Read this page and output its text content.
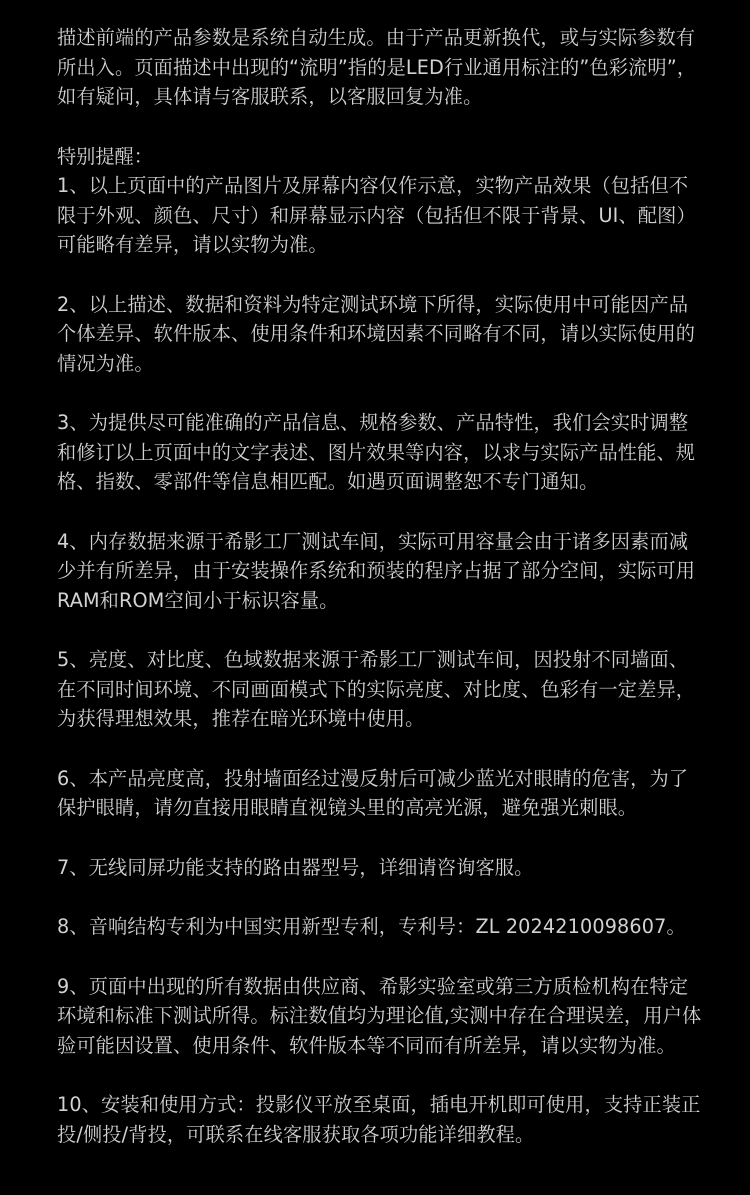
描述前端的产品参数是系统自动生成。由于产品更新换代，或与实际参数有所出入。页面描述中出现的“流明”指的是LED行业通用标注的”色彩流明”，如有疑问，具体请与客服联系，以客服回复为准。

特别提醒：

1、以上页面中的产品图片及屏幕内容仅作示意，实物产品效果（包括但不限于外观、颜色、尺寸）和屏幕显示内容（包括但不限于背景、UI、配图）可能略有差异，请以实物为准。

2、以上描述、数据和资料为特定测试环境下所得，实际使用中可能因产品个体差异、软件版本、使用条件和环境因素不同略有不同，请以实际使用的情况为准。

3、为提供尽可能准确的产品信息、规格参数、产品特性，我们会实时调整和修订以上页面中的文字表述、图片效果等内容，以求与实际产品性能、规格、指数、零部件等信息相匹配。如遇页面调整恕不专门通知。

4、内存数据来源于希影工厂测试车间，实际可用容量会由于诸多因素而减少并有所差异，由于安装操作系统和预装的程序占据了部分空间，实际可用RAM和ROM空间小于标识容量。

5、亮度、对比度、色域数据来源于希影工厂测试车间，因投射不同墙面、在不同时间环境、不同画面模式下的实际亮度、对比度、色彩有一定差异，为获得理想效果，推荐在暗光环境中使用。

6、本产品亮度高，投射墙面经过漫反射后可减少蓝光对眼睛的危害，为了保护眼睛，请勿直接用眼睛直视镜头里的高亮光源，避免强光刺眼。

7、无线同屏功能支持的路由器型号，详细请咨询客服。

8、音响结构专利为中国实用新型专利，专利号：ZL 2024210098607。

9、页面中出现的所有数据由供应商、希影实验室或第三方质检机构在特定环境和标准下测试所得。标注数值均为理论值,实测中存在合理误差，用户体验可能因设置、使用条件、软件版本等不同而有所差异，请以实物为准。

10、安装和使用方式：投影仪平放至桌面，插电开机即可使用，支持正装正投/侧投/背投，可联系在线客服获取各项功能详细教程。
